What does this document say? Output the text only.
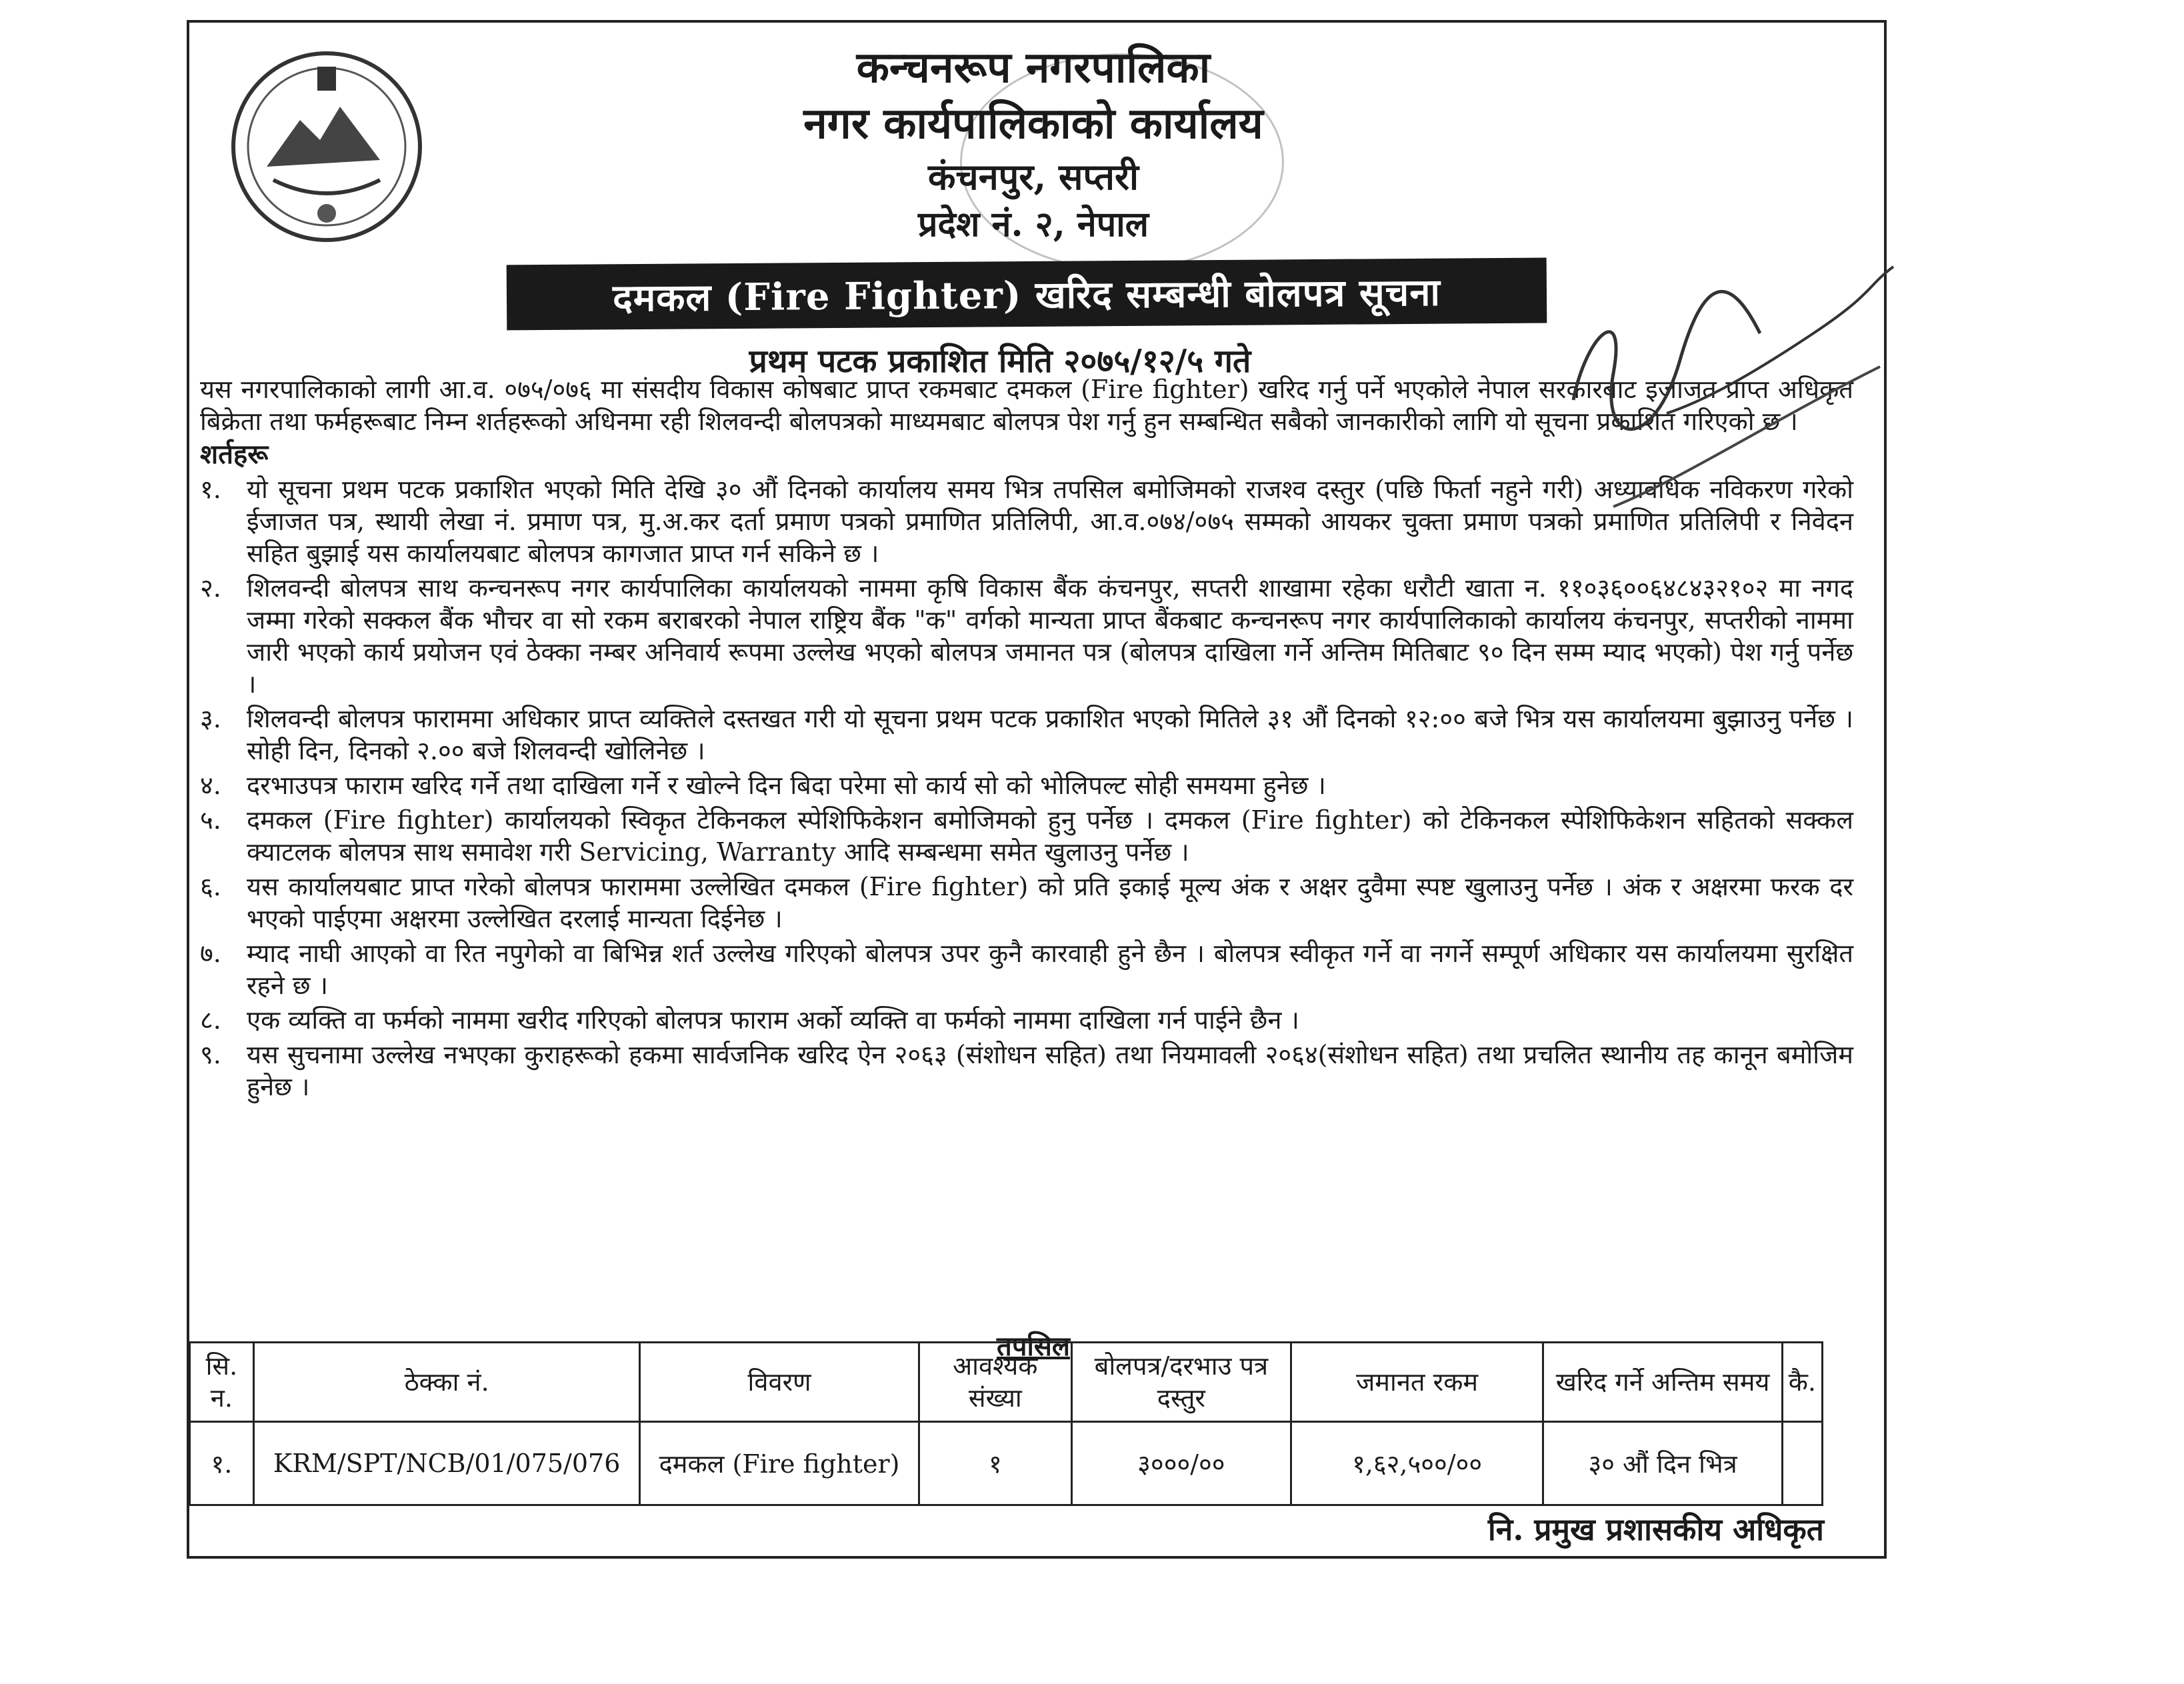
कन्चनरूप नगरपालिका
नगर कार्यपालिकाको कार्यालय
कंचनपुर, सप्तरी
प्रदेश नं. २, नेपाल
दमकल (Fire Fighter) खरिद सम्बन्धी बोलपत्र सूचना
प्रथम पटक प्रकाशित मिति २०७५/१२/५ गते

यस नगरपालिकाको लागी आ.व. ०७५/०७६ मा संसदीय विकास कोषबाट प्राप्त रकमबाट दमकल (Fire fighter) खरिद गर्नु पर्ने भएकोले नेपाल सरकारबाट इजाजत प्राप्त अधिकृत बिक्रेता तथा फर्महरूबाट निम्न शर्तहरूको अधिनमा रही शिलवन्दी बोलपत्रको माध्यमबाट बोलपत्र पेश गर्नु हुन सम्बन्धित सबैको जानकारीको लागि यो सूचना प्रकाशित गरिएको छ ।

शर्तहरू
१.	यो सूचना प्रथम पटक प्रकाशित भएको मिति देखि ३० औं दिनको कार्यालय समय भित्र तपसिल बमोजिमको राजश्व दस्तुर (पछि फिर्ता नहुने गरी) अध्यावधिक नविकरण गरेको ईजाजत पत्र, स्थायी लेखा नं. प्रमाण पत्र, मु.अ.कर दर्ता प्रमाण पत्रको प्रमाणित प्रतिलिपी, आ.व.०७४/०७५ सम्मको आयकर चुक्ता प्रमाण पत्रको प्रमाणित प्रतिलिपी र निवेदन सहित बुझाई यस कार्यालयबाट बोलपत्र कागजात प्राप्त गर्न सकिने छ ।
२.	शिलवन्दी बोलपत्र साथ कन्चनरूप नगर कार्यपालिका कार्यालयको नाममा कृषि विकास बैंक कंचनपुर, सप्तरी शाखामा रहेका धरौटी खाता न. ११०३६००६४८४३२१०२ मा नगद जम्मा गरेको सक्कल बैंक भौचर वा सो रकम बराबरको नेपाल राष्ट्रिय बैंक "क" वर्गको मान्यता प्राप्त बैंकबाट कन्चनरूप नगर कार्यपालिकाको कार्यालय कंचनपुर, सप्तरीको नाममा जारी भएको कार्य प्रयोजन एवं ठेक्का नम्बर अनिवार्य रूपमा उल्लेख भएको बोलपत्र जमानत पत्र (बोलपत्र दाखिला गर्ने अन्तिम मितिबाट ९० दिन सम्म म्याद भएको) पेश गर्नु पर्नेछ ।
३.	शिलवन्दी बोलपत्र फाराममा अधिकार प्राप्त व्यक्तिले दस्तखत गरी यो सूचना प्रथम पटक प्रकाशित भएको मितिले ३१ औं दिनको १२:०० बजे भित्र यस कार्यालयमा बुझाउनु पर्नेछ । सोही दिन, दिनको २.०० बजे शिलवन्दी खोलिनेछ ।
४.	दरभाउपत्र फाराम खरिद गर्ने तथा दाखिला गर्ने र खोल्ने दिन बिदा परेमा सो कार्य सो को भोलिपल्ट सोही समयमा हुनेछ ।
५.	दमकल (Fire fighter) कार्यालयको स्विकृत टेकिनकल स्पेशिफिकेशन बमोजिमको हुनु पर्नेछ । दमकल (Fire fighter) को टेकिनकल स्पेशिफिकेशन सहितको सक्कल क्याटलक बोलपत्र साथ समावेश गरी Servicing, Warranty आदि सम्बन्धमा समेत खुलाउनु पर्नेछ ।
६.	यस कार्यालयबाट प्राप्त गरेको बोलपत्र फाराममा उल्लेखित दमकल (Fire fighter) को प्रति इकाई मूल्य अंक र अक्षर दुवैमा स्पष्ट खुलाउनु पर्नेछ । अंक र अक्षरमा फरक दर भएको पाईएमा अक्षरमा उल्लेखित दरलाई मान्यता दिईनेछ ।
७.	म्याद नाघी आएको वा रित नपुगेको वा बिभिन्न शर्त उल्लेख गरिएको बोलपत्र उपर कुनै कारवाही हुने छैन । बोलपत्र स्वीकृत गर्ने वा नगर्ने सम्पूर्ण अधिकार यस कार्यालयमा सुरक्षित रहने छ ।
८.	एक व्यक्ति वा फर्मको नाममा खरीद गरिएको बोलपत्र फाराम अर्को व्यक्ति वा फर्मको नाममा दाखिला गर्न पाईने छैन ।
९.	यस सुचनामा उल्लेख नभएका कुराहरूको हकमा सार्वजनिक खरिद ऐन २०६३ (संशोधन सहित) तथा नियमावली २०६४(संशोधन सहित) तथा प्रचलित स्थानीय तह कानून बमोजिम हुनेछ ।
तपसिल
सि. न.	ठेक्का नं.	विवरण	आवश्यक संख्या	बोलपत्र/दरभाउ पत्र दस्तुर	जमानत रकम	खरिद गर्ने अन्तिम समय	कै.
१.	KRM/SPT/NCB/01/075/076	दमकल (Fire fighter)	१	३०००/००	१,६२,५००/००	३० औं दिन भित्र	
नि. प्रमुख प्रशासकीय अधिकृत
